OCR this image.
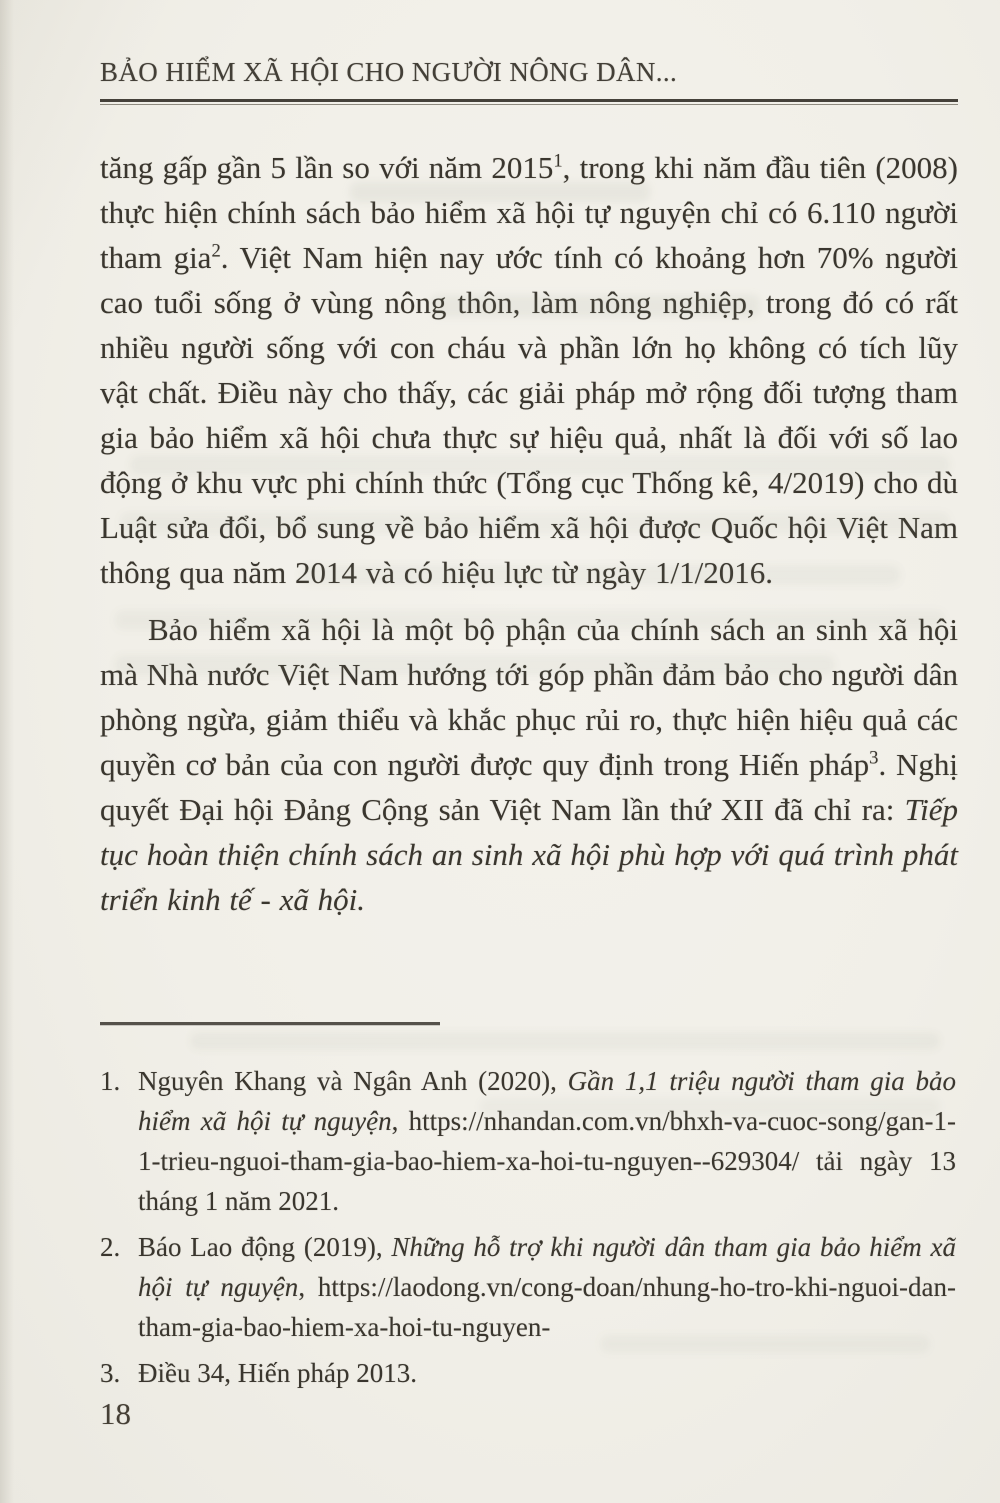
BẢO HIỂM XÃ HỘI CHO NGƯỜI NÔNG DÂN...

tăng gấp gần 5 lần so với năm 2015$^1$, trong khi năm đầu tiên (2008) thực hiện chính sách bảo hiểm xã hội tự nguyện chỉ có 6.110 người tham gia$^2$. Việt Nam hiện nay ước tính có khoảng hơn 70% người cao tuổi sống ở vùng nông thôn, làm nông nghiệp, trong đó có rất nhiều người sống với con cháu và phần lớn họ không có tích lũy vật chất. Điều này cho thấy, các giải pháp mở rộng đối tượng tham gia bảo hiểm xã hội chưa thực sự hiệu quả, nhất là đối với số lao động ở khu vực phi chính thức (Tổng cục Thống kê, 4/2019) cho dù Luật sửa đổi, bổ sung về bảo hiểm xã hội được Quốc hội Việt Nam thông qua năm 2014 và có hiệu lực từ ngày 1/1/2016.

Bảo hiểm xã hội là một bộ phận của chính sách an sinh xã hội mà Nhà nước Việt Nam hướng tới góp phần đảm bảo cho người dân phòng ngừa, giảm thiểu và khắc phục rủi ro, thực hiện hiệu quả các quyền cơ bản của con người được quy định trong Hiến pháp$^3$. Nghị quyết Đại hội Đảng Cộng sản Việt Nam lần thứ XII đã chỉ ra: Tiếp tục hoàn thiện chính sách an sinh xã hội phù hợp với quá trình phát triển kinh tế - xã hội.

1. Nguyên Khang và Ngân Anh (2020), Gần 1,1 triệu người tham gia bảo hiểm xã hội tự nguyện, https://nhandan.com.vn/bhxh-va-cuoc-song/gan-1-1-trieu-nguoi-tham-gia-bao-hiem-xa-hoi-tu-nguyen--629304/ tải ngày 13 tháng 1 năm 2021.
2. Báo Lao động (2019), Những hỗ trợ khi người dân tham gia bảo hiểm xã hội tự nguyện, https://laodong.vn/cong-doan/nhung-ho-tro-khi-nguoi-dan-tham-gia-bao-hiem-xa-hoi-tu-nguyen-
3. Điều 34, Hiến pháp 2013.
18
